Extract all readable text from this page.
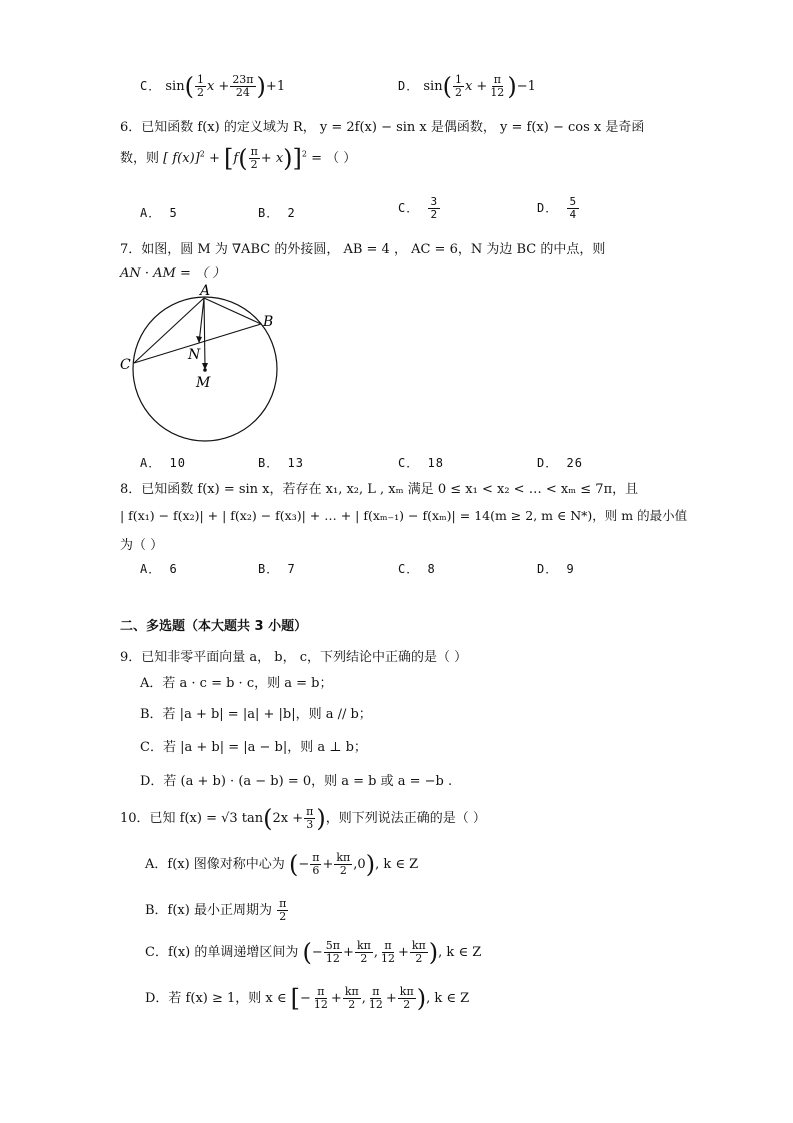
C． $\sin( \frac{1}{2}$ $x + \frac{23\pi}{24} )+1$	D． $\sin( \frac{1}{2}$ $x + \frac{\pi}{12} )-1$
6．已知函数 f(x) 的定义域为 R， y = 2f(x) − sin x 是偶函数， y = f(x) − cos x 是奇函
数，则 [ $f(x)]^2 + [f( \frac{\pi}{2} + x)]^2$ = （ ）
A． 5	B． 2	C． $\frac{3}{2}$	D． $\frac{5}{4}$
7．如图，圆 M 为 ∇ABC 的外接圆， AB = 4 ， AC = 6，N 为边 BC 的中点，则
AN · AM = （ ）
A
B
C
N
M
A． 10	B． 13	C． 18	D． 26
8．已知函数 f(x) = sin x，若存在 x₁, x₂, L , xₘ 满足 0 ≤ x₁ < x₂ < … < xₘ ≤ 7π，且
| f(x₁) − f(x₂)| + | f(x₂) − f(x₃)| + … + | f(xₘ₋₁) − f(xₘ)| = 14(m ≥ 2, m ∈ N*)，则 m 的最小值
为（ ）
A． 6	B． 7	C． 8	D． 9
二、多选题（本大题共 3 小题）
9．已知非零平面向量 a， b， c，下列结论中正确的是（ ）
A．若 a · c = b · c，则 a = b；
B．若 |a + b| = |a| + |b|，则 a // b；
C．若 |a + b| = |a − b|，则 a ⊥ b；
D．若 (a + b) · (a − b) = 0，则 a = b 或 a = −b .
10．已知 f(x) = √3 $\tan(2x + \frac{\pi}{3}$ )，则下列说法正确的是（ ）
A．f(x) 图像对称中心为 (− $\frac{\pi}{6} + \frac{k\pi}{2} ,0$), k ∈ Z
B．f(x) 最小正周期为 $\frac{\pi}{2}$
C．f(x) 的单调递增区间为 (− $\frac{5\pi}{12} + \frac{k\pi}{2}$ , $\frac{\pi}{12} + \frac{k\pi}{2}$ ), k ∈ Z
D．若 f(x) ≥ 1，则 x ∈ [− $\frac{\pi}{12} + \frac{k\pi}{2}$ , $\frac{\pi}{12} + \frac{k\pi}{2}$ ), k ∈ Z
